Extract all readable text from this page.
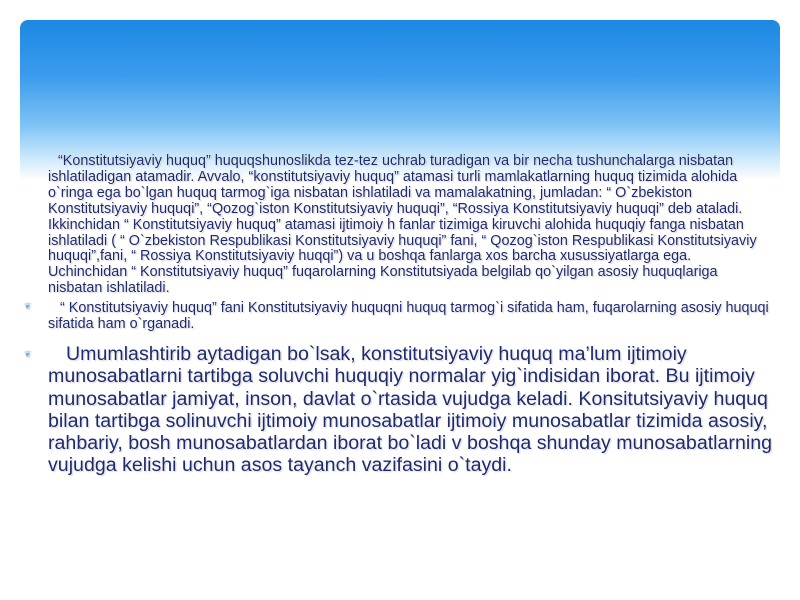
“Konstitutsiyaviy huquq” huquqshunoslikda tez-tez uchrab turadigan va bir necha tushunchalarga nisbatan ishlatiladigan atamadir. Avvalo, “konstitutsiyaviy huquq” atamasi turli mamlakatlarning huquq tizimida alohida o`ringa ega bo`lgan huquq tarmog`iga nisbatan ishlatiladi va mamalakatning, jumladan: “ O`zbekiston Konstitutsiyaviy huquqi”, “Qozog`iston Konstitutsiyaviy huquqi”, “Rossiya Konstitutsiyaviy huquqi” deb ataladi. Ikkinchidan “ Konstitutsiyaviy huquq” atamasi ijtimoiy h fanlar tizimiga kiruvchi alohida huquqiy fanga nisbatan ishlatiladi ( “ O`zbekiston Respublikasi Konstitutsiyaviy huquqi” fani, “ Qozog`iston Respublikasi Konstitutsiyaviy huquqi”,fani, “ Rossiya Konstitutsiyaviy huqqi”) va u boshqa fanlarga xos barcha xusussiyatlarga ega. Uchinchidan “ Konstitutsiyaviy huquq” fuqarolarning Konstitutsiyada belgilab qo`yilgan asosiy huquqlariga nisbatan ishlatiladi.

❦ “ Konstitutsiyaviy huquq” fani Konstitutsiyaviy huquqni huquq tarmog`i sifatida ham, fuqarolarning asosiy huquqi sifatida ham o`rganadi.

❦ Umumlashtirib aytadigan bo`lsak, konstitutsiyaviy huquq ma’lum ijtimoiy munosabatlarni tartibga soluvchi huquqiy normalar yig`indisidan iborat. Bu ijtimoiy munosabatlar jamiyat, inson, davlat o`rtasida vujudga keladi. Konsitutsiyaviy huquq bilan tartibga solinuvchi ijtimoiy munosabatlar ijtimoiy munosabatlar tizimida asosiy, rahbariy, bosh munosabatlardan iborat bo`ladi v boshqa shunday munosabatlarning vujudga kelishi uchun asos tayanch vazifasini o`taydi.
